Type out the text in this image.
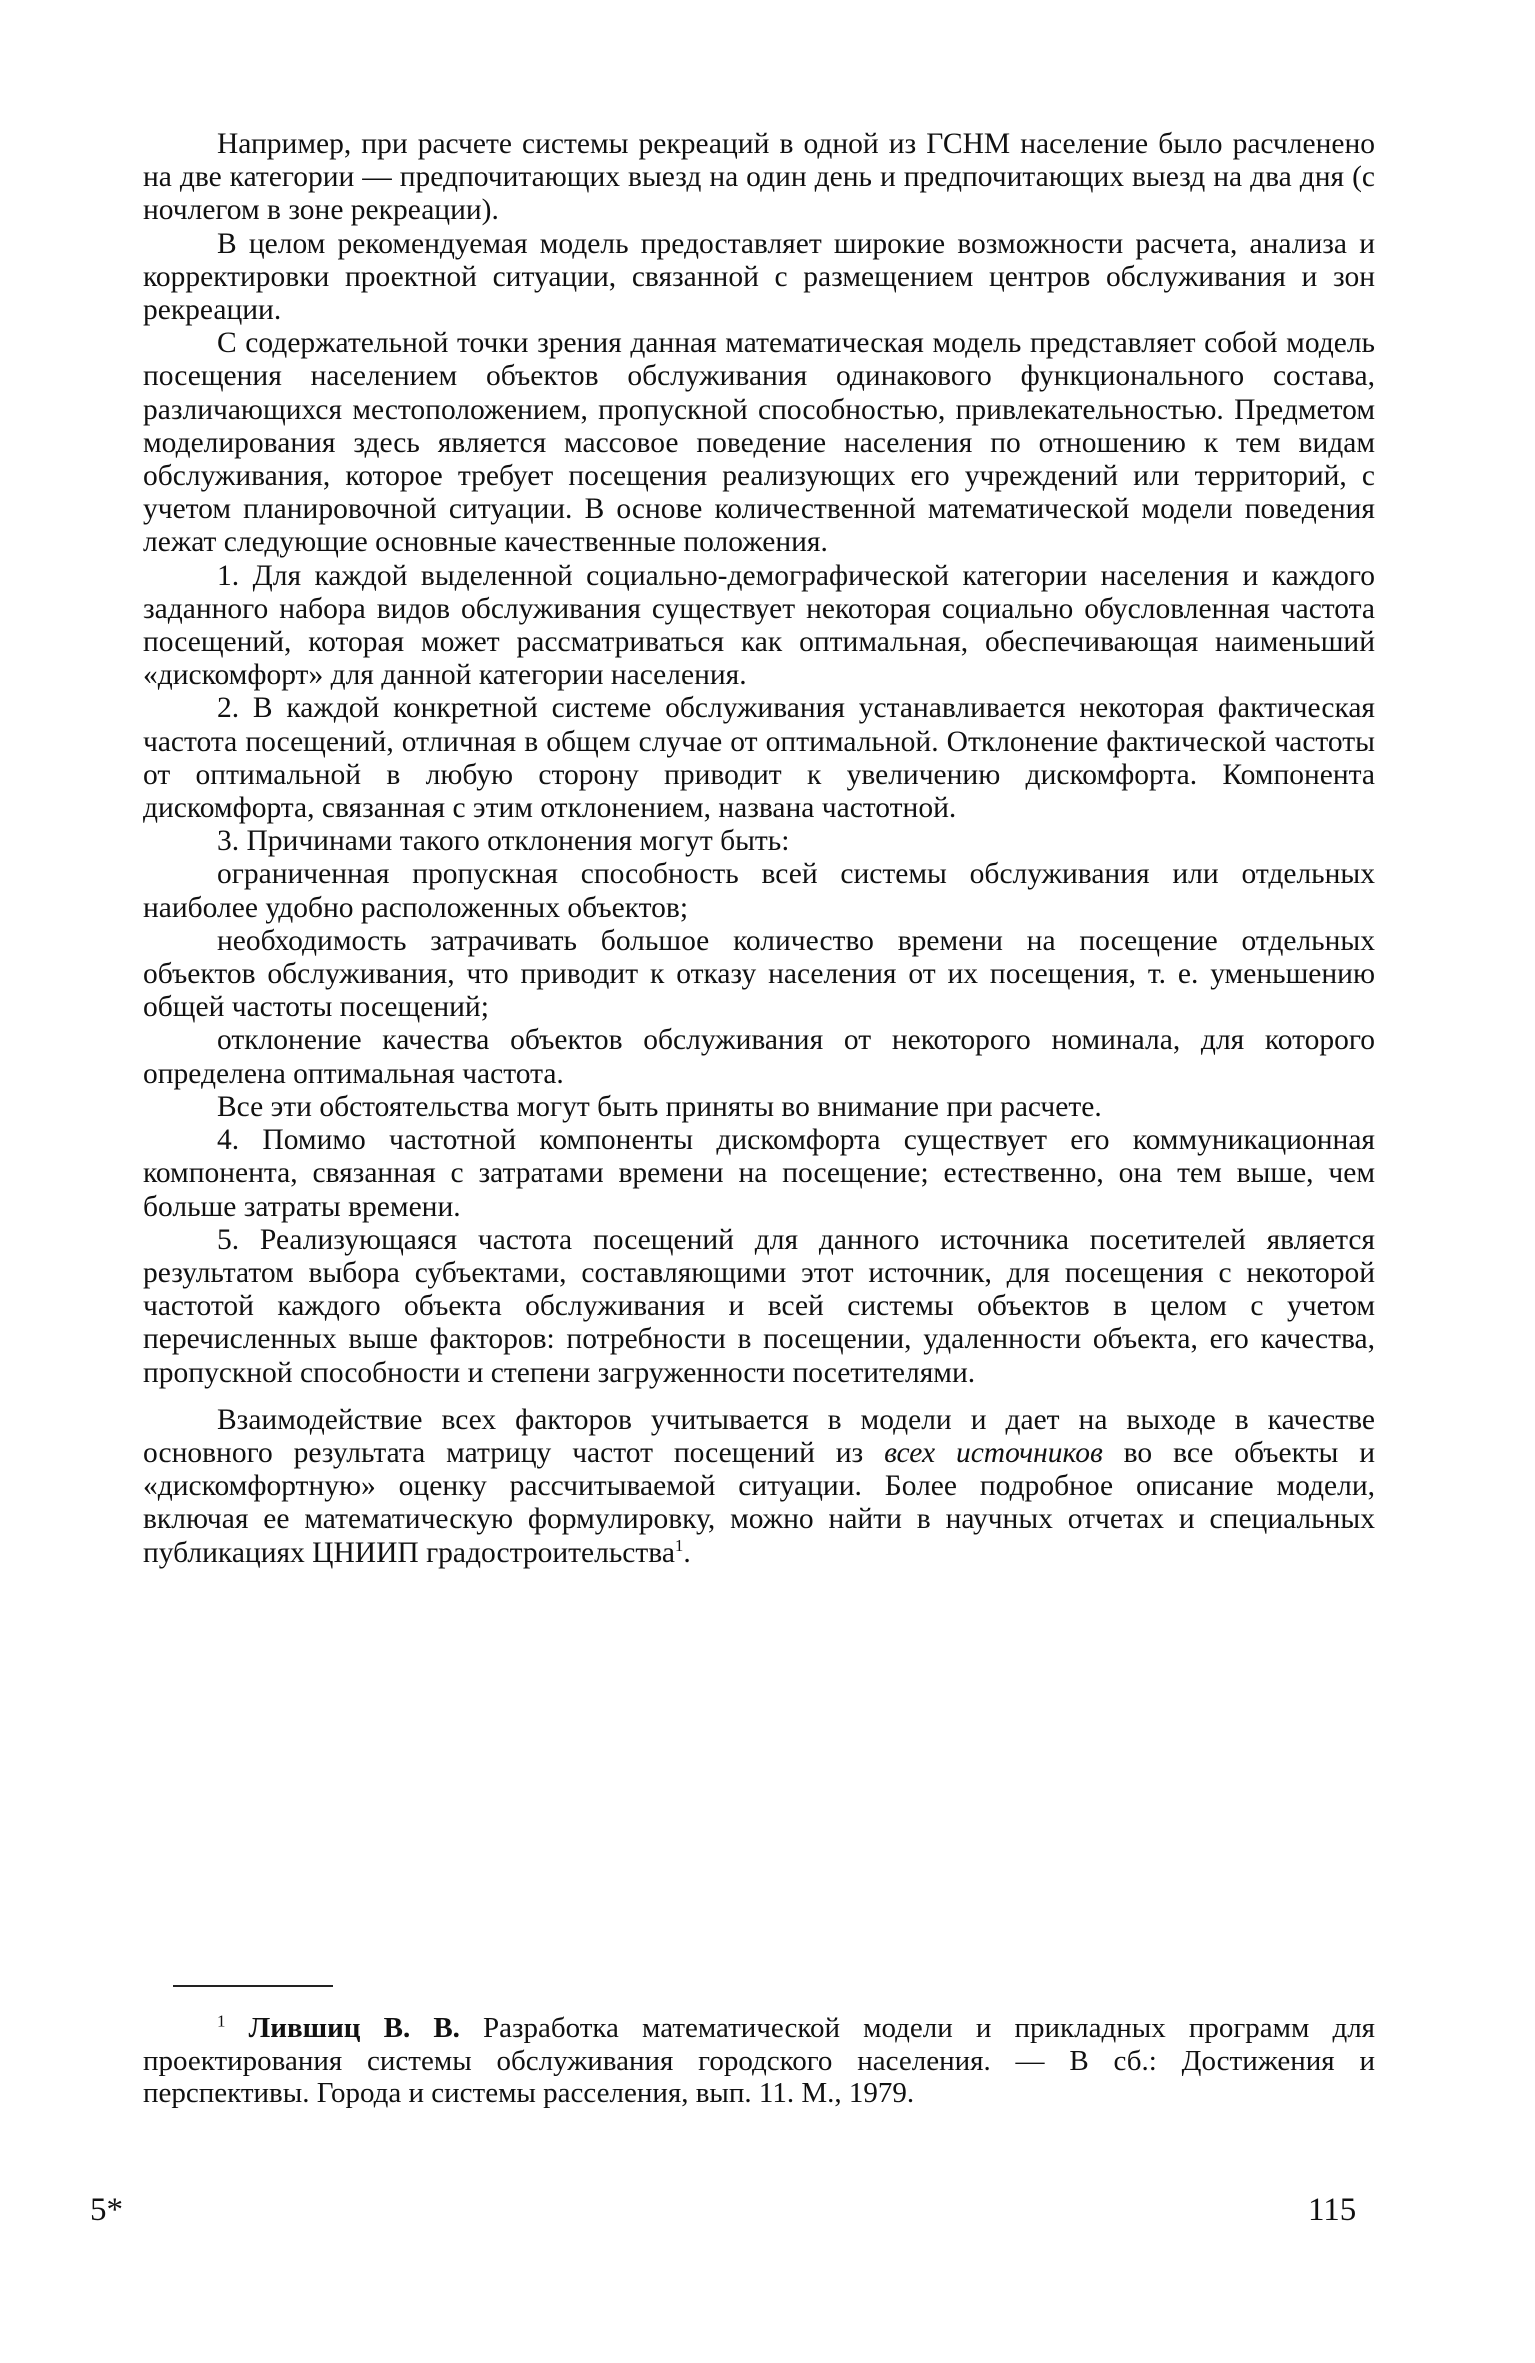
Например, при расчете системы рекреаций в одной из ГСНМ население было расчленено на две категории — предпочитающих выезд на один день и предпочитающих выезд на два дня (с ночлегом в зоне рекреации).

В целом рекомендуемая модель предоставляет широкие возможности расчета, анализа и корректировки проектной ситуации, связанной с размещением центров обслуживания и зон рекреации.

С содержательной точки зрения данная математическая модель представляет собой модель посещения населением объектов обслуживания одинакового функционального состава, различающихся местоположением, пропускной способностью, привлекательностью. Предметом моделирования здесь является массовое поведение населения по отношению к тем видам обслуживания, которое требует посещения реализующих его учреждений или территорий, с учетом планировочной ситуации. В основе количественной математической модели поведения лежат следующие основные качественные положения.

1. Для каждой выделенной социально-демографической категории населения и каждого заданного набора видов обслуживания существует некоторая социально обусловленная частота посещений, которая может рассматриваться как оптимальная, обеспечивающая наименьший «дискомфорт» для данной категории населения.

2. В каждой конкретной системе обслуживания устанавливается некоторая фактическая частота посещений, отличная в общем случае от оптимальной. Отклонение фактической частоты от оптимальной в любую сторону приводит к увеличению дискомфорта. Компонента дискомфорта, связанная с этим отклонением, названа частотной.

3. Причинами такого отклонения могут быть:

ограниченная пропускная способность всей системы обслуживания или отдельных наиболее удобно расположенных объектов;

необходимость затрачивать большое количество времени на посещение отдельных объектов обслуживания, что приводит к отказу населения от их посещения, т. е. уменьшению общей частоты посещений;

отклонение качества объектов обслуживания от некоторого номинала, для которого определена оптимальная частота.

Все эти обстоятельства могут быть приняты во внимание при расчете.

4. Помимо частотной компоненты дискомфорта существует его коммуникационная компонента, связанная с затратами времени на посещение; естественно, она тем выше, чем больше затраты времени.

5. Реализующаяся частота посещений для данного источника посетителей является результатом выбора субъектами, составляющими этот источник, для посещения с некоторой частотой каждого объекта обслуживания и всей системы объектов в целом с учетом перечисленных выше факторов: потребности в посещении, удаленности объекта, его качества, пропускной способности и степени загруженности посетителями.

Взаимодействие всех факторов учитывается в модели и дает на выходе в качестве основного результата матрицу частот посещений из всех источников во все объекты и «дискомфортную» оценку рассчитываемой ситуации. Более подробное описание модели, включая ее математическую формулировку, можно найти в научных отчетах и специальных публикациях ЦНИИП градостроительства$^1$.

$^1$ Лившиц В. В. Разработка математической модели и прикладных программ для проектирования системы обслуживания городского населения. — В сб.: Достижения и перспективы. Города и системы расселения, вып. 11. М., 1979.

5*	115
